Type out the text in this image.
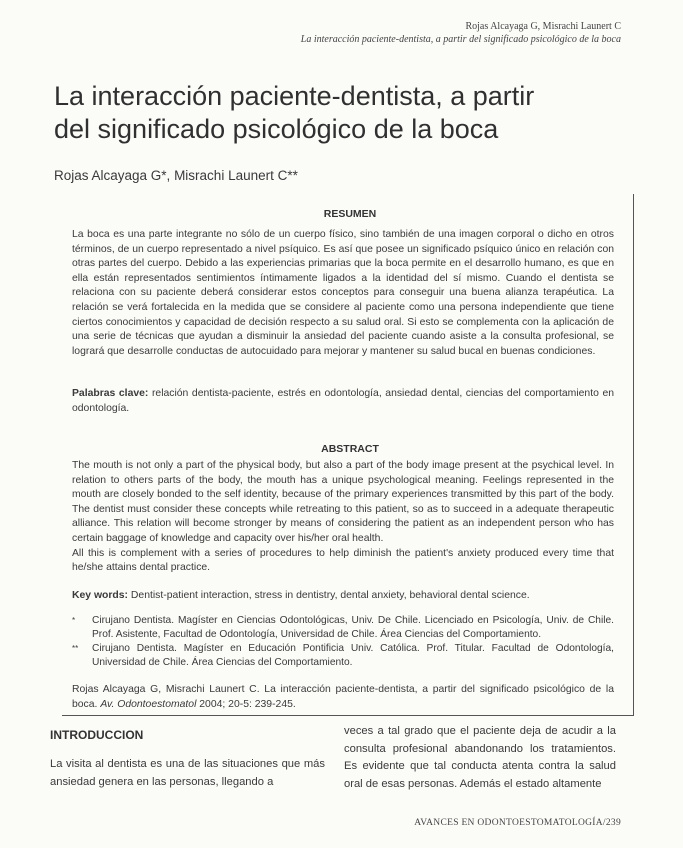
Rojas Alcayaga G, Misrachi Launert C
La interacción paciente-dentista, a partir del significado psicológico de la boca
La interacción paciente-dentista, a partir
del significado psicológico de la boca
Rojas Alcayaga G*, Misrachi Launert C**
RESUMEN

La boca es una parte integrante no sólo de un cuerpo físico, sino también de una imagen corporal o dicho en otros términos, de un cuerpo representado a nivel psíquico. Es así que posee un significado psíquico único en relación con otras partes del cuerpo. Debido a las experiencias primarias que la boca permite en el desarrollo humano, es que en ella están representados sentimientos íntimamente ligados a la identidad del sí mismo. Cuando el dentista se relaciona con su paciente deberá considerar estos conceptos para conseguir una buena alianza terapéutica. La relación se verá fortalecida en la medida que se considere al paciente como una persona independiente que tiene ciertos conocimientos y capacidad de decisión respecto a su salud oral. Si esto se complementa con la aplicación de una serie de técnicas que ayudan a disminuir la ansiedad del paciente cuando asiste a la consulta profesional, se logrará que desarrolle conductas de autocuidado para mejorar y mantener su salud bucal en buenas condiciones.

Palabras clave: relación dentista-paciente, estrés en odontología, ansiedad dental, ciencias del comportamiento en odontología.
ABSTRACT

The mouth is not only a part of the physical body, but also a part of the body image present at the psychical level. In relation to others parts of the body, the mouth has a unique psychological meaning. Feelings represented in the mouth are closely bonded to the self identity, because of the primary experiences transmitted by this part of the body. The dentist must consider these concepts while retreating to this patient, so as to succeed in a adequate therapeutic alliance. This relation will become stronger by means of considering the patient as an independent person who has certain baggage of knowledge and capacity over his/her oral health.

All this is complement with a series of procedures to help diminish the patient's anxiety produced every time that he/she attains dental practice.

Key words: Dentist-patient interaction, stress in dentistry, dental anxiety, behavioral dental science.
*	Cirujano Dentista. Magíster en Ciencias Odontológicas, Univ. De Chile. Licenciado en Psicología, Univ. de Chile. Prof. Asistente, Facultad de Odontología, Universidad de Chile. Área Ciencias del Comportamiento.
**	Cirujano Dentista. Magíster en Educación Pontificia Univ. Católica. Prof. Titular. Facultad de Odontología, Universidad de Chile. Área Ciencias del Comportamiento.
Rojas Alcayaga G, Misrachi Launert C. La interacción paciente-dentista, a partir del significado psicológico de la boca. Av. Odontoestomatol 2004; 20-5: 239-245.
INTRODUCCION
La visita al dentista es una de las situaciones que más ansiedad genera en las personas, llegando a
veces a tal grado que el paciente deja de acudir a la consulta profesional abandonando los tratamientos. Es evidente que tal conducta atenta contra la salud oral de esas personas. Además el estado altamente
AVANCES EN ODONTOESTOMATOLOGÍA/239
